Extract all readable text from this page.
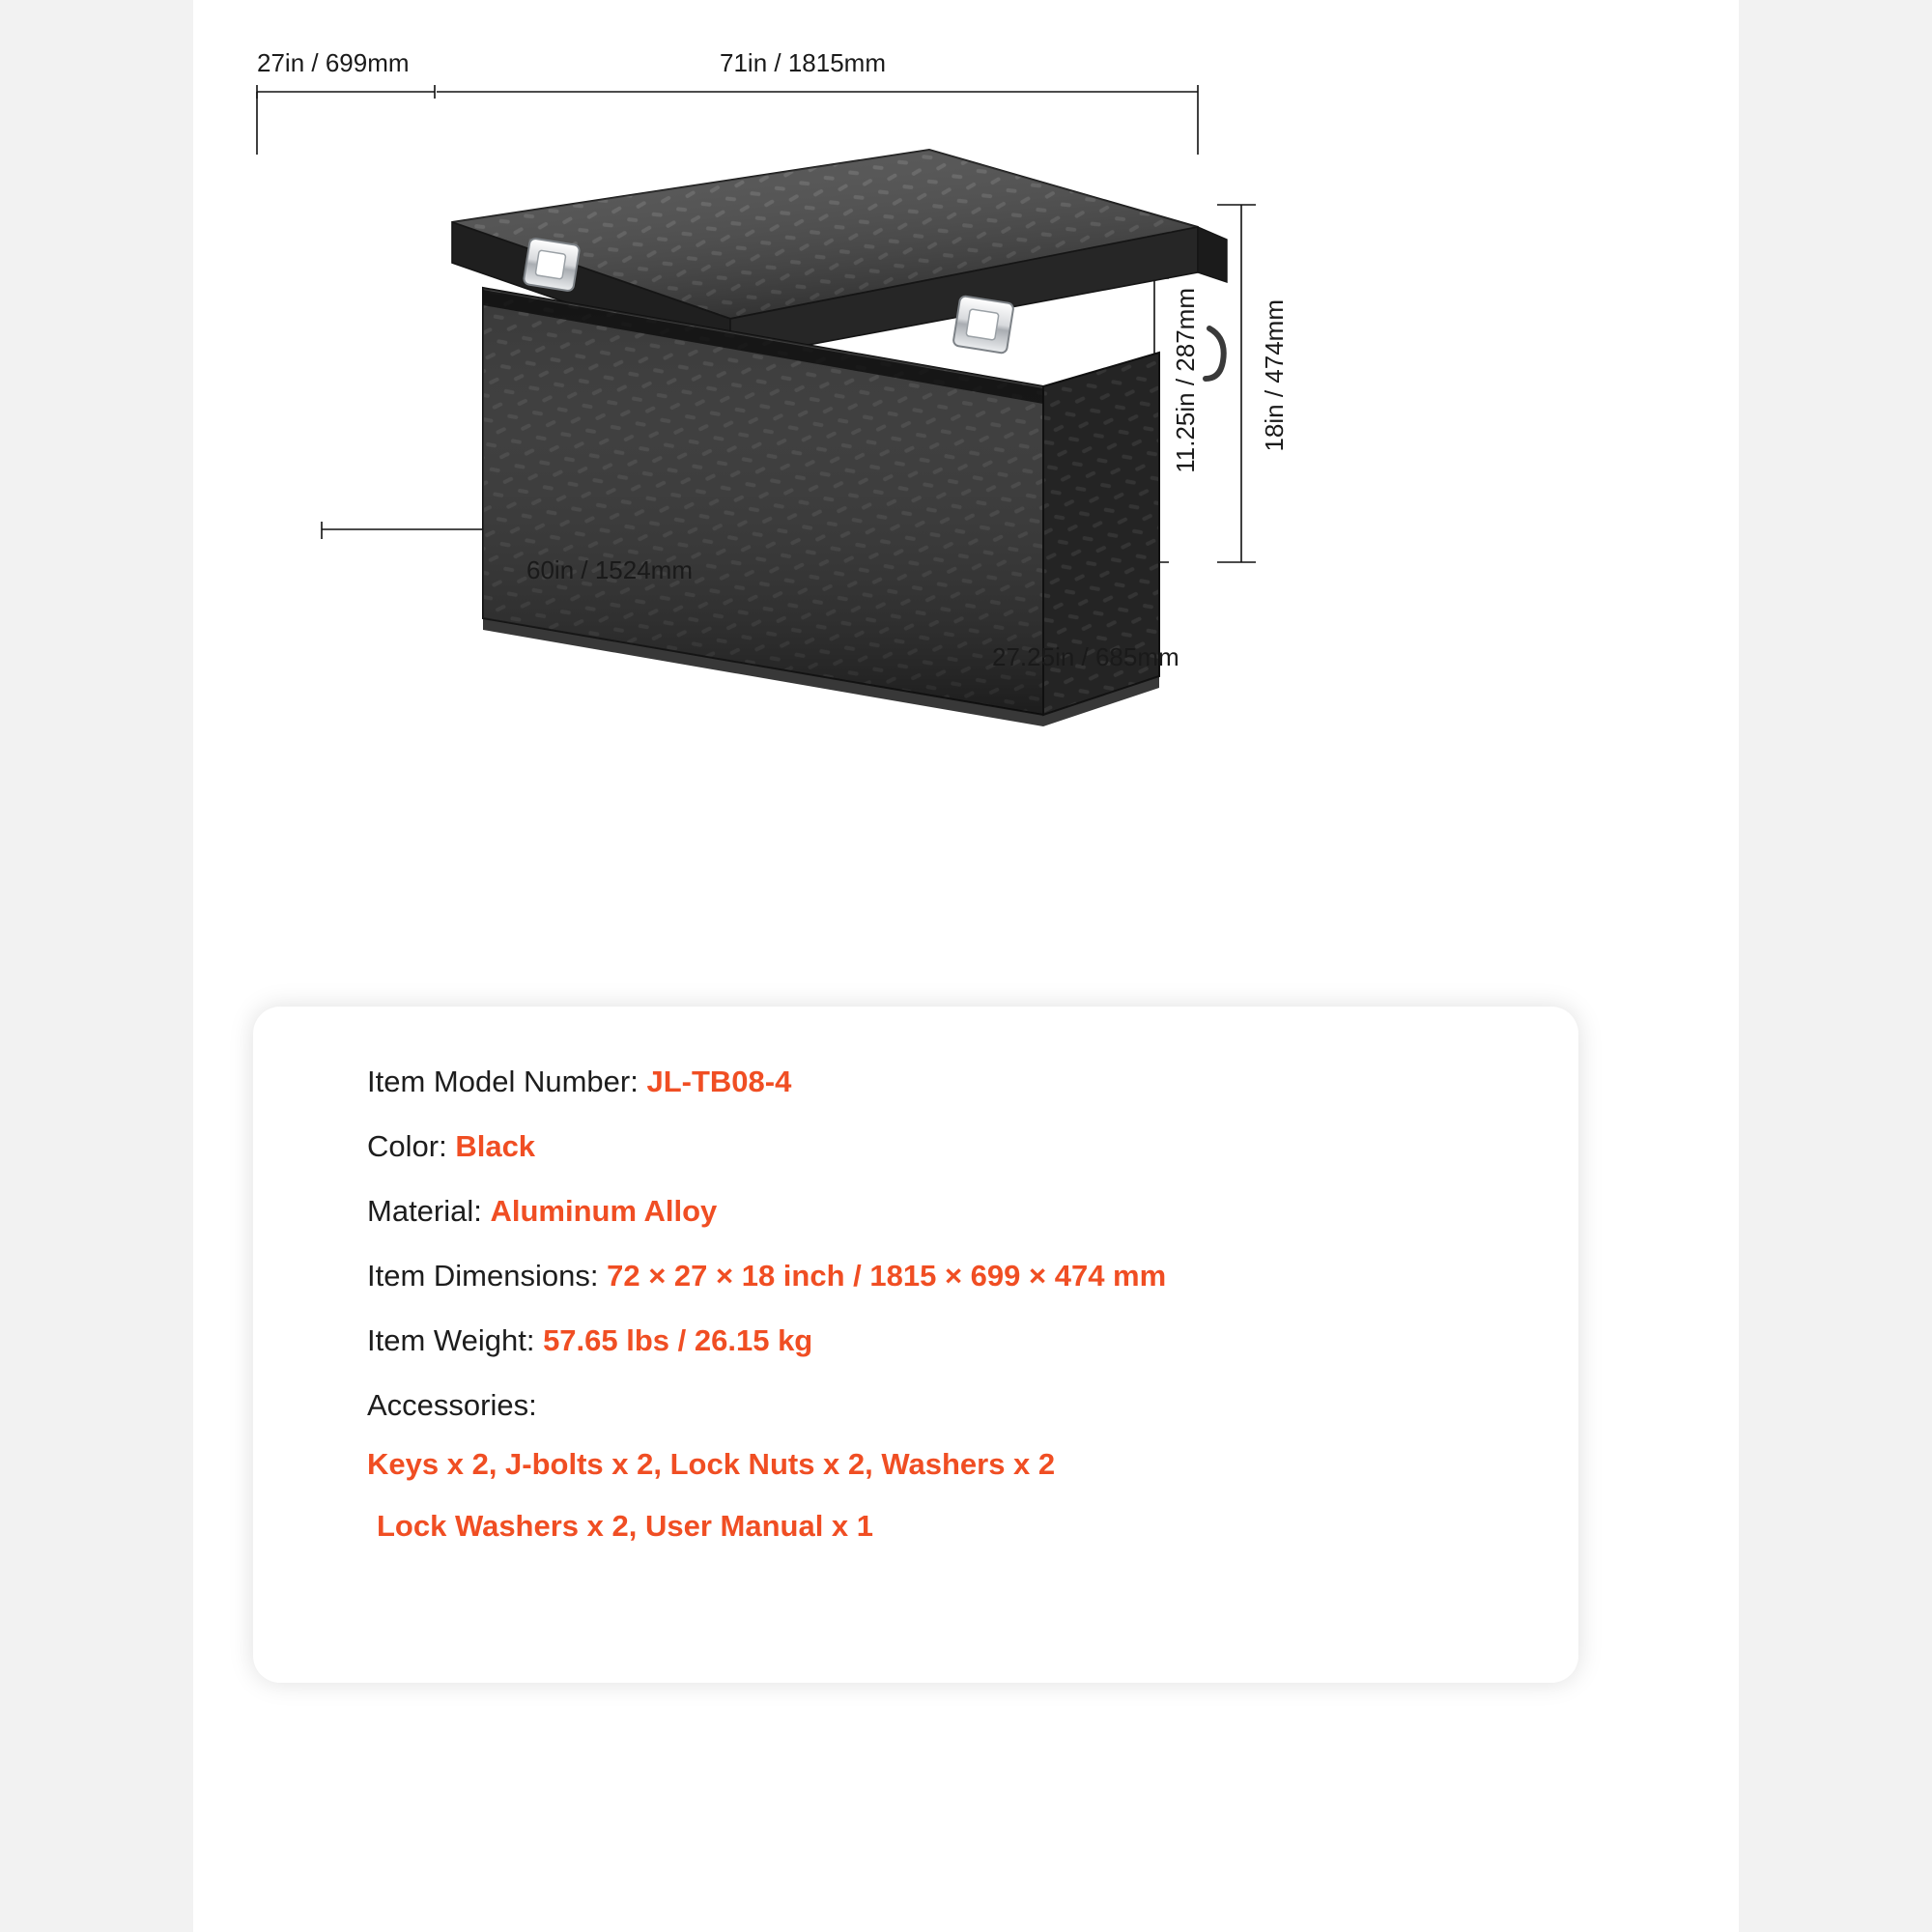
27in / 699mm	71in / 1815mm
11.25in / 287mm 18in / 474mm
60in / 1524mm
27.25in / 685mm
Item Model Number: JL-TB08-4
Color: Black
Material: Aluminum Alloy
Item Dimensions: 72 × 27 × 18 inch / 1815 × 699 × 474 mm
Item Weight: 57.65 lbs / 26.15 kg
Accessories:
Keys x 2, J-bolts x 2, Lock Nuts x 2, Washers x 2
Lock Washers x 2, User Manual x 1
